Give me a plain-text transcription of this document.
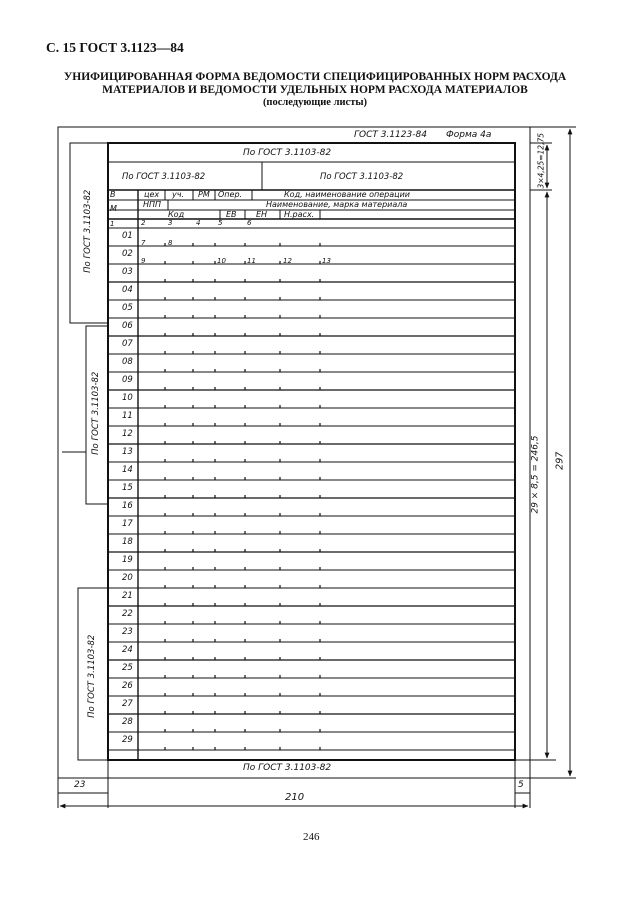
С. 15 ГОСТ 3.1123—84
УНИФИЦИРОВАННАЯ ФОРМА ВЕДОМОСТИ СПЕЦИФИЦИРОВАННЫХ НОРМ РАСХОДА
МАТЕРИАЛОВ И ВЕДОМОСТИ УДЕЛЬНЫХ НОРМ РАСХОДА МАТЕРИАЛОВ
(последующие листы)
ГОСТ 3.1123-84 Форма 4а
По ГОСТ 3.1103-82
По ГОСТ 3.1103-82	По ГОСТ 3.1103-82
В	цех уч. РМ Опер.	Код, наименование операции
М	НПП	Наименование, марка материала
Код	ЕВ ЕН Н.расх.
1	2	3	4	5	6
7	8
9	10	11	12	13
01
02
03
04
05
06
07
08
09
10
11
12
13
14
15
16
17
18
19
20
21
22
23
24
25
26
27
28
29
По ГОСТ 3.1103-82
По ГОСТ 3.1103-82
По ГОСТ 3.1103-82
По ГОСТ 3.1103-82
23	5
210
3×4,25=12,75
29 × 8,5 = 246,5 297
246
